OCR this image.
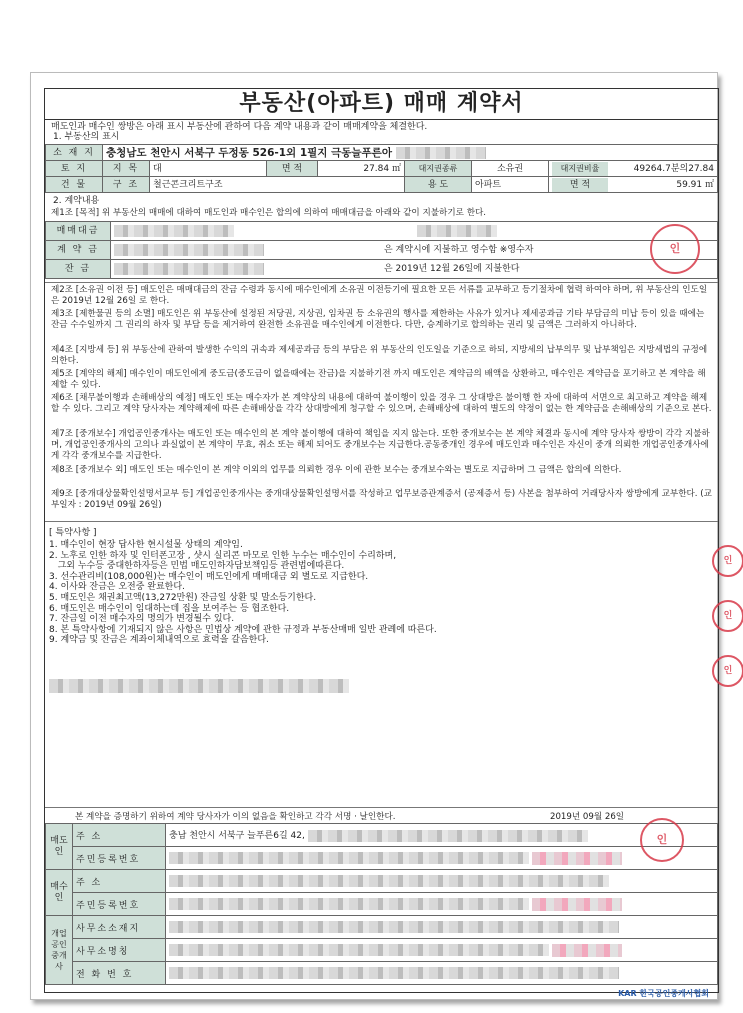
부동산(아파트) 매매 계약서
매도인과 매수인 쌍방은 아래 표시 부동산에 관하여 다음 계약 내용과 같이 매매계약을 체결한다.
1. 부동산의 표시
소 재 지	충청남도 천안시 서북구 두정동 526-1외 1필지 극동늘푸른아						
토 지	지 목	대	면 적	27.84 ㎡	대지권종류	소유권	대지권비율 49264.7분의27.84

건 물	구 조	철근콘크리트구조			용 도	아파트	면 적 59.91 ㎡
2. 계약내용
제1조 [목적] 위 부동산의 매매에 대하여 매도인과 매수인은 합의에 의하여 매매대금을 아래와 같이 지불하기로 한다.
매매대금	
계 약 금	은 계약시에 지불하고 영수함 ※영수자
잔 금	은 2019년 12월 26일에 지불한다
제2조 [소유권 이전 등] 매도인은 매매대금의 잔금 수령과 동시에 매수인에게 소유권 이전등기에 필요한 모든 서류를 교부하고 등기절차에 협력 하여야 하며, 위 부동산의 인도일은 2019년 12월 26일 로 한다.
제3조 [제한물권 등의 소멸] 매도인은 위 부동산에 설정된 저당권, 지상권, 임차권 등 소유권의 행사를 제한하는 사유가 있거나 제세공과금 기타 부담금의 미납 등이 있을 때에는 잔금 수수일까지 그 권리의 하자 및 부담 등을 제거하여 완전한 소유권을 매수인에게 이전한다. 다만, 승계하기로 합의하는 권리 및 금액은 그러하지 아니하다.
제4조 [지방세 등] 위 부동산에 관하여 발생한 수익의 귀속과 제세공과금 등의 부담은 위 부동산의 인도일을 기준으로 하되, 지방세의 납부의무 및 납부책임은 지방세법의 규정에 의한다.
제5조 [계약의 해제] 매수인이 매도인에게 중도금(중도금이 없을때에는 잔금)을 지불하기전 까지 매도인은 계약금의 배액을 상환하고, 매수인은 계약금을 포기하고 본 계약을 해제할 수 있다.
제6조 [채무불이행과 손해배상의 예정] 매도인 또는 매수자가 본 계약상의 내용에 대하여 불이행이 있을 경우 그 상대방은 불이행 한 자에 대하여 서면으로 최고하고 계약을 해제할 수 있다. 그리고 계약 당사자는 계약해제에 따른 손해배상을 각각 상대방에게 청구할 수 있으며, 손해배상에 대하여 별도의 약정이 없는 한 계약금을 손해배상의 기준으로 본다.
제7조 [중개보수] 개업공인중개사는 매도인 또는 매수인의 본 계약 불이행에 대하여 책임을 지지 않는다. 또한 중개보수는 본 계약 체결과 동시에 계약 당사자 쌍방이 각각 지불하며, 개업공인중개사의 고의나 과실없이 본 계약이 무효, 취소 또는 해제 되어도 중개보수는 지급한다.공동중개인 경우에 매도인과 매수인은 자신이 중개 의뢰한 개업공인중개사에게 각각 중개보수를 지급한다.
제8조 [중개보수 외] 매도인 또는 매수인이 본 계약 이외의 업무를 의뢰한 경우 이에 관한 보수는 중개보수와는 별도로 지급하며 그 금액은 합의에 의한다.
제9조 [중개대상물확인설명서교부 등] 개업공인중개사는 중개대상물확인설명서를 작성하고 업무보증관계증서 (공제증서 등) 사본을 첨부하여 거래당사자 쌍방에게 교부한다. (교부일자 : 2019년 09월 26일)
[ 특약사항 ]
1. 매수인이 현장 답사한 현시설물 상태의 계약임.
2. 노후로 인한 하자 및 인터폰고장 , 샷시 실리콘 마모로 인한 누수는 매수인이 수리하며,
그외 누수등 중대한하자등은 민법 매도인하자담보책임등 관련법에따른다.
3. 선수관리비(108,000원)는 매수인이 매도인에게 매매대금 외 별도로 지급한다.
4. 이사와 잔금은 오전중 완료한다.
5. 매도인은 채권최고액(13,272만원) 잔금일 상환 및 말소등기한다.
6. 매도인은 매수인이 임대하는데 집을 보여주는 등 협조한다.
7. 잔금일 이전 매수자의 명의가 변경될수 있다.
8. 본 특약사항에 기재되지 않은 사항은 민법상 계약에 관한 규정과 부동산매매 일반 관례에 따른다.
9. 계약금 및 잔금은 계좌이체내역으로 효력을 갈음한다.
본 계약을 증명하기 위하여 계약 당사자가 이의 없음을 확인하고 각각 서명 · 날인한다.	2019년 09월 26일
매도인	주 소	충남 천안시 서북구 늘푸른6길 42,
	주민등록번호	
매수인	주 소	
	주민등록번호	
개업공인중개사	사무소소재지	
	사무소명칭	
	전 화 번 호	
인
인
인
인
인
KAR 한국공인중개사협회
